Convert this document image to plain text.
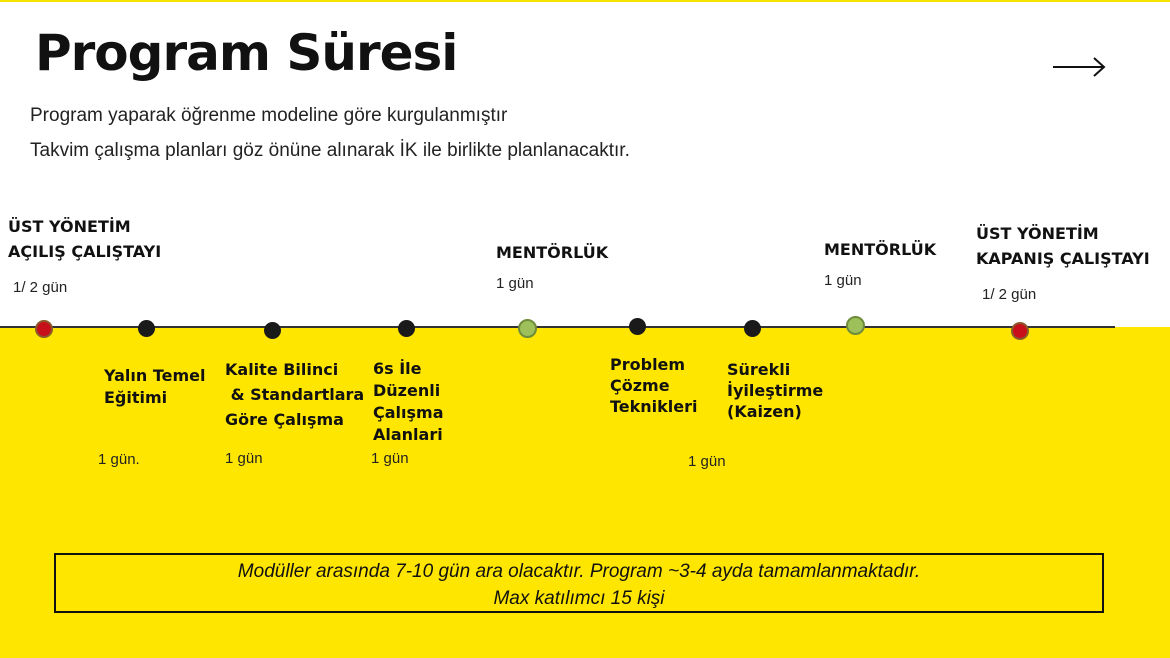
Program Süresi
Program yaparak öğrenme modeline göre kurgulanmıştır
Takvim çalışma planları göz önüne alınarak İK ile birlikte planlanacaktır.
ÜST YÖNETİM
AÇILIŞ ÇALIŞTAYI
1/ 2 gün
MENTÖRLÜK
1 gün
MENTÖRLÜK
1 gün
ÜST YÖNETİM
KAPANIŞ ÇALIŞTAYI
1/ 2 gün
Yalın Temel
Eğitimi
1 gün.
Kalite Bilinci
& Standartlara
Göre Çalışma
1 gün
6s İle
Düzenli
Çalışma
Alanlari
1 gün
Problem
Çözme
Teknikleri
Sürekli
İyileştirme
(Kaizen)
1 gün
Modüller arasında 7-10 gün ara olacaktır. Program ~3-4 ayda tamamlanmaktadır.
Max katılımcı 15 kişi
